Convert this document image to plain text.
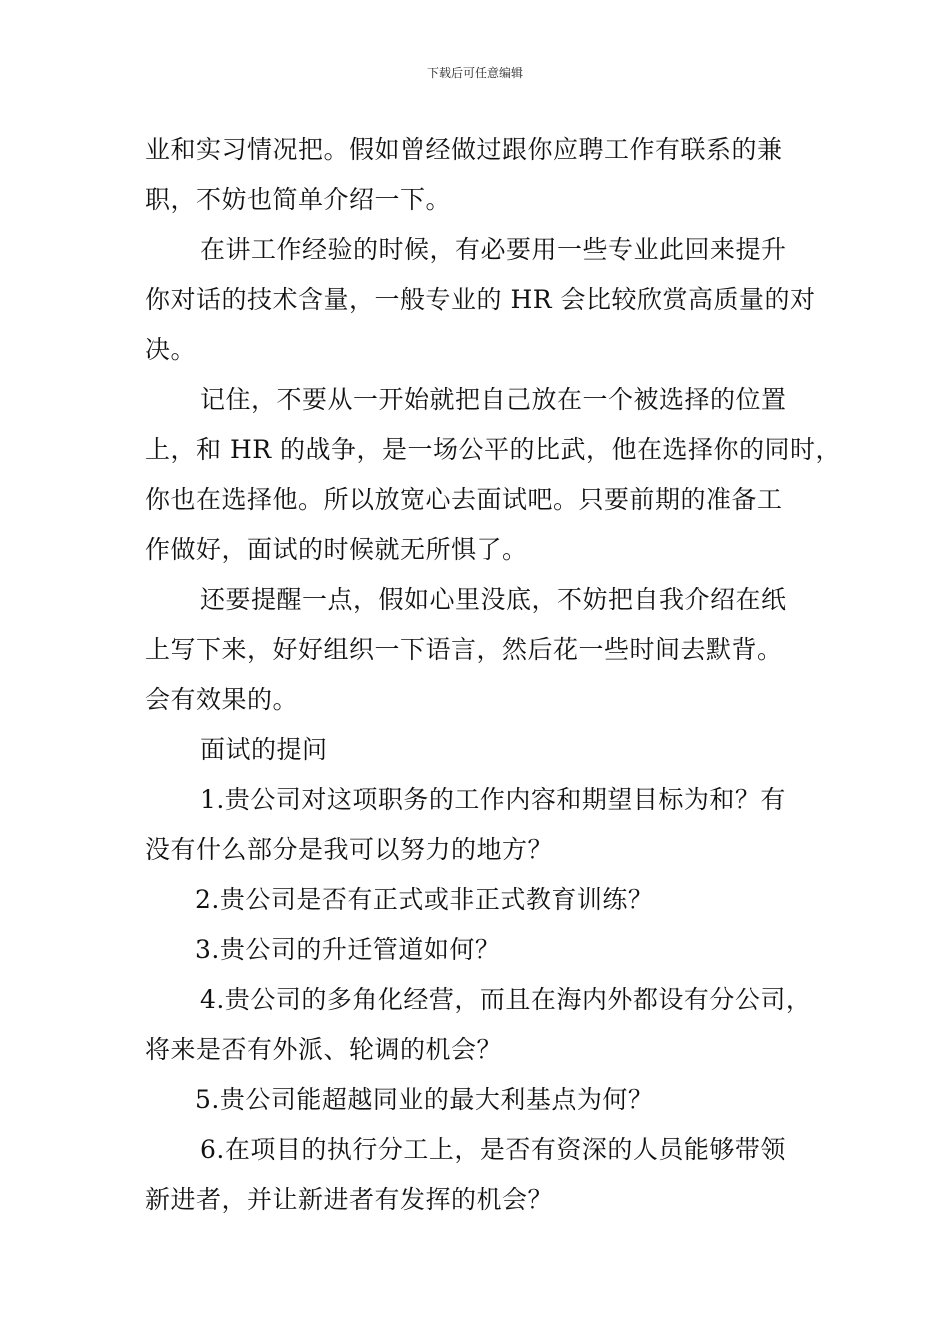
下载后可任意编辑
业和实习情况把。假如曾经做过跟你应聘工作有联系的兼
职，不妨也简单介绍一下。
在讲工作经验的时候，有必要用一些专业此回来提升
你对话的技术含量，一般专业的 HR 会比较欣赏高质量的对
决。
记住，不要从一开始就把自己放在一个被选择的位置
上，和 HR 的战争，是一场公平的比武，他在选择你的同时，
你也在选择他。所以放宽心去面试吧。只要前期的准备工
作做好，面试的时候就无所惧了。
还要提醒一点，假如心里没底，不妨把自我介绍在纸
上写下来，好好组织一下语言，然后花一些时间去默背。
会有效果的。
面试的提问
1.贵公司对这项职务的工作内容和期望目标为和？有
没有什么部分是我可以努力的地方？
2.贵公司是否有正式或非正式教育训练？
3.贵公司的升迁管道如何？
4.贵公司的多角化经营，而且在海内外都设有分公司，
将来是否有外派、轮调的机会？
5.贵公司能超越同业的最大利基点为何？
6.在项目的执行分工上，是否有资深的人员能够带领
新进者，并让新进者有发挥的机会？
